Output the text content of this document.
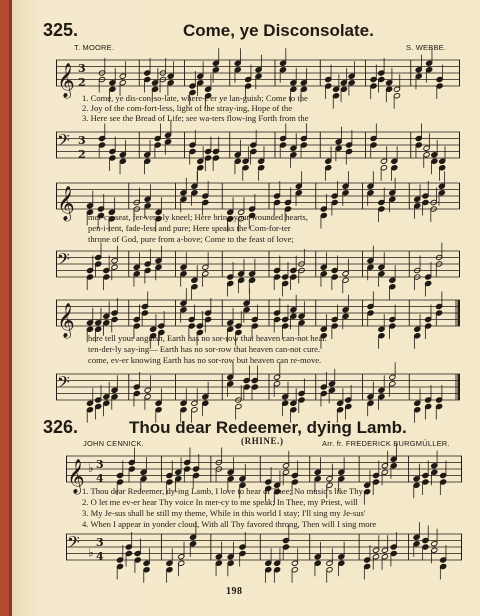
325.	Come, ye Disconsolate.
T. MOORE.	S. WEBBE.
𝄞 3
2
1. Come, ye dis-con-so-late, where-e'er ye lan-guish; Come to the
2. Joy of the com-fort-less, light of the stray-ing, Hope of the
3. Here see the Bread of Life; see wa-ters flow-ing Forth from the
𝄢 3
2
𝄞 mer-cy-seat, fer-vent-ly kneel; Here bring your wounded hearts,
pen-i-tent, fade-less and pure; Here speaks the Com-for-ter
throne of God, pure from a-bove; Come to the feast of love;
𝄢
𝄞 here tell your anguish, Earth has no sor-row that heaven can-not heal.
ten-der-ly say-ing— Earth has no sor-row that heaven can-not cure.
come, ev-er knowing Earth has no sor-row but heaven can re-move.
𝄢
326.	Thou dear Redeemer, dying Lamb.
JOHN CENNICK.	(RHINE.)	Arr. fr. FREDERICK BURGMÜLLER.
𝄞 ♭ 3
4
1. Thou dear Redeemer, dy-ing Lamb, I love to hear of Thee; No music's like Thy
2. O let me ev-er hear Thy voice In mer-cy to me speak; In Thee, my Priest, will
3. My Je-sus shall be still my theme, While in this world I stay; I'll sing my Je-sus'
4. When I appear in yonder cloud, With all Thy favored throng, Then will I sing more
𝄢 ♭
3
4
198
